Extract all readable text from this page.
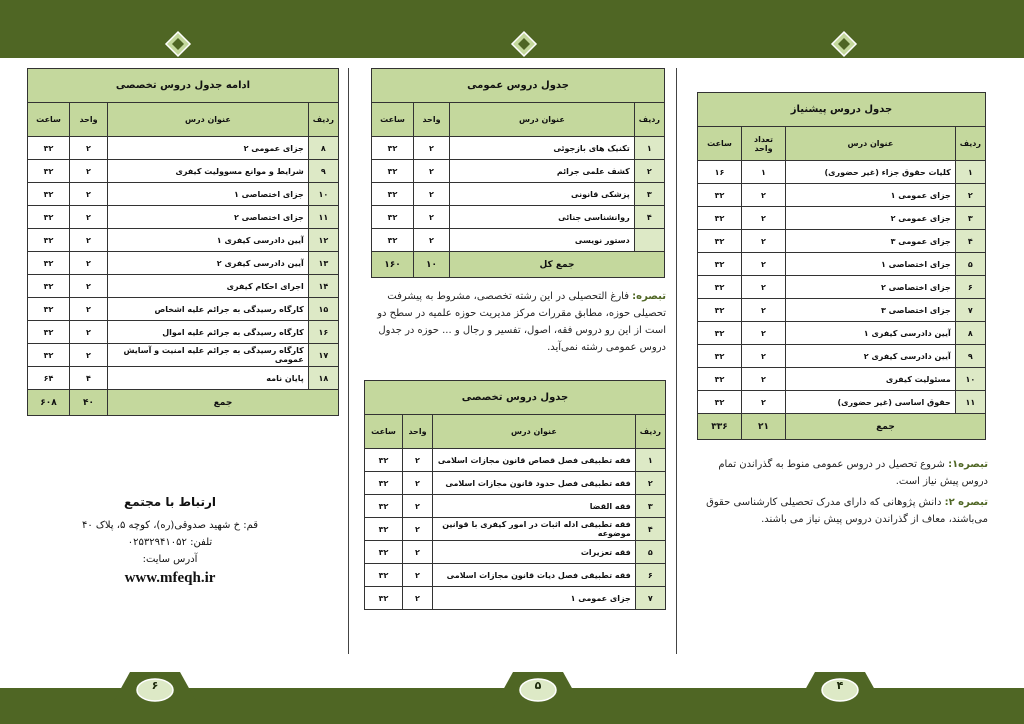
جدول دروس پیشنیاز			
ردیف	عنوان درس	تعداد واحد	ساعت
۱	کلیات حقوق جزاء (غیر حضوری)	۱	۱۶
۲	جزای عمومی ۱	۲	۳۲
۳	جزای عمومی ۲	۲	۳۲
۴	جزای عمومی ۳	۲	۳۲
۵	جزای اختصاصی ۱	۲	۳۲
۶	جزای اختصاصی ۲	۲	۳۲
۷	جزای اختصاصی ۳	۲	۳۲
۸	آیین دادرسی کیفری ۱	۲	۳۲
۹	آیین دادرسی کیفری ۲	۲	۳۲
۱۰	مسئولیت کیفری	۲	۳۲
۱۱	حقوق اساسی (غیر حضوری)	۲	۳۲
جمع		۲۱	۳۳۶
تبصره۱: شروع تحصیل در دروس عمومی منوط به گذراندن تمام دروس پیش نیاز است.
تبصره ۲: دانش پژوهانی که دارای مدرک تحصیلی کارشناسی حقوق می‌باشند، معاف از گذراندن دروس پیش نیاز می باشند.
جدول دروس عمومی			
ردیف	عنوان درس	واحد	ساعت
۱	تکنیک های بازجوئی	۲	۳۲
۲	کشف علمی جرائم	۲	۳۲
۳	پزشکی قانونی	۲	۳۲
۴	روانشناسی جنائی	۲	۳۲
	دستور نویسی	۲	۳۲
جمع کل		۱۰	۱۶۰
تبصره: فارغ التحصیلی در این رشته تخصصی، مشروط به پیشرفت تحصیلی حوزه، مطابق مقررات مرکز مدیریت حوزه علمیه در سطح دو است از این رو دروس فقه، اصول، تفسیر و رجال و ... حوزه در جدول دروس عمومی رشته نمی‌آید.
جدول دروس تخصصی			
ردیف	عنوان درس	واحد	ساعت
۱	فقه تطبیقی فصل قصاص قانون مجازات اسلامی	۲	۳۲
۲	فقه تطبیقی فصل حدود قانون مجازات اسلامی	۲	۳۲
۳	فقه القضا	۲	۳۲
۴	فقه تطبیقی ادله اثبات در امور کیفری با قوانین موضوعه	۲	۳۲
۵	فقه تعزیرات	۲	۳۲
۶	فقه تطبیقی فصل دیات قانون مجازات اسلامی	۲	۳۲
۷	جزای عمومی ۱	۲	۳۲
ادامه جدول دروس تخصصی			
ردیف	عنوان درس	واحد	ساعت
۸	جزای عمومی ۲	۲	۳۲
۹	شرایط و موانع مسوولیت کیفری	۲	۳۲
۱۰	جزای اختصاصی ۱	۲	۳۲
۱۱	جزای اختصاصی ۲	۲	۳۲
۱۲	آیین دادرسی کیفری ۱	۲	۳۲
۱۳	آیین دادرسی کیفری ۲	۲	۳۲
۱۴	اجرای احکام کیفری	۲	۳۲
۱۵	کارگاه رسیدگی به جرائم علیه اشخاص	۲	۳۲
۱۶	کارگاه رسیدگی به جرائم علیه اموال	۲	۳۲
۱۷	کارگاه رسیدگی به جرائم علیه امنیت و آسایش عمومی	۲	۳۲
۱۸	پایان نامه	۴	۶۴
جمع		۴۰	۶۰۸
ارتباط با مجتمع
قم: خ شهید صدوقی(ره)، کوچه ۵، پلاک ۴۰
تلفن: ۰۲۵۳۲۹۴۱۰۵۲
آدرس سایت:
www.mfeqh.ir
۶	۵	۴
